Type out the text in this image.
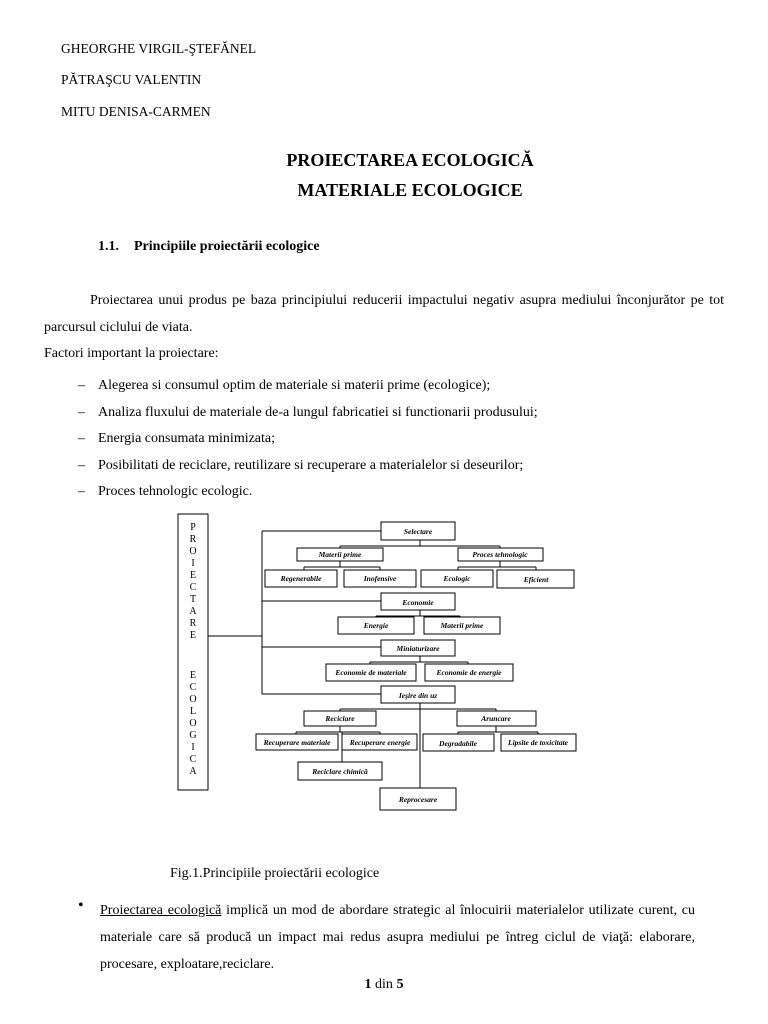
GHEORGHE VIRGIL-ŞTEFĂNEL
PĂTRAŞCU VALENTIN
MITU DENISA-CARMEN
PROIECTAREA ECOLOGICĂ
MATERIALE ECOLOGICE
1.1. Principiile proiectării ecologice
Proiectarea unui produs pe baza principiului reducerii impactului negativ asupra mediului înconjurător pe tot parcursul ciclului de viata.
Factori important la proiectare:
– Alegerea si consumul optim de materiale si materii prime (ecologice);
– Analiza fluxului de materiale de-a lungul fabricatiei si functionarii produsului;
– Energia consumata minimizata;
– Posibilitati de reciclare, reutilizare si recuperare a materialelor si deseurilor;
– Proces tehnologic ecologic.
P
R
O
I
E
C
T
A
R
E
E
C
O
L
O
G
I
C
A
Selectare
Materii prime	Proces tehnologic
Regenerabile	Inofensive	Ecologic	Eficient
Economie
Energie	Materii prime
Miniaturizare
Economie de materiale	Economie de energie
Ieşire din uz
Reciclare	Aruncare
Recuperare materiale	Recuperare energie	Degradabile	Lipsite de toxicitate
Reciclare chimică
Reprocesare
Fig.1.Principiile proiectării ecologice
• Proiectarea ecologică implică un mod de abordare strategic al înlocuirii materialelor utilizate curent, cu materiale care să producă un impact mai redus asupra mediului pe întreg ciclul de viaţă: elaborare, procesare, exploatare,reciclare.
1 din 5
